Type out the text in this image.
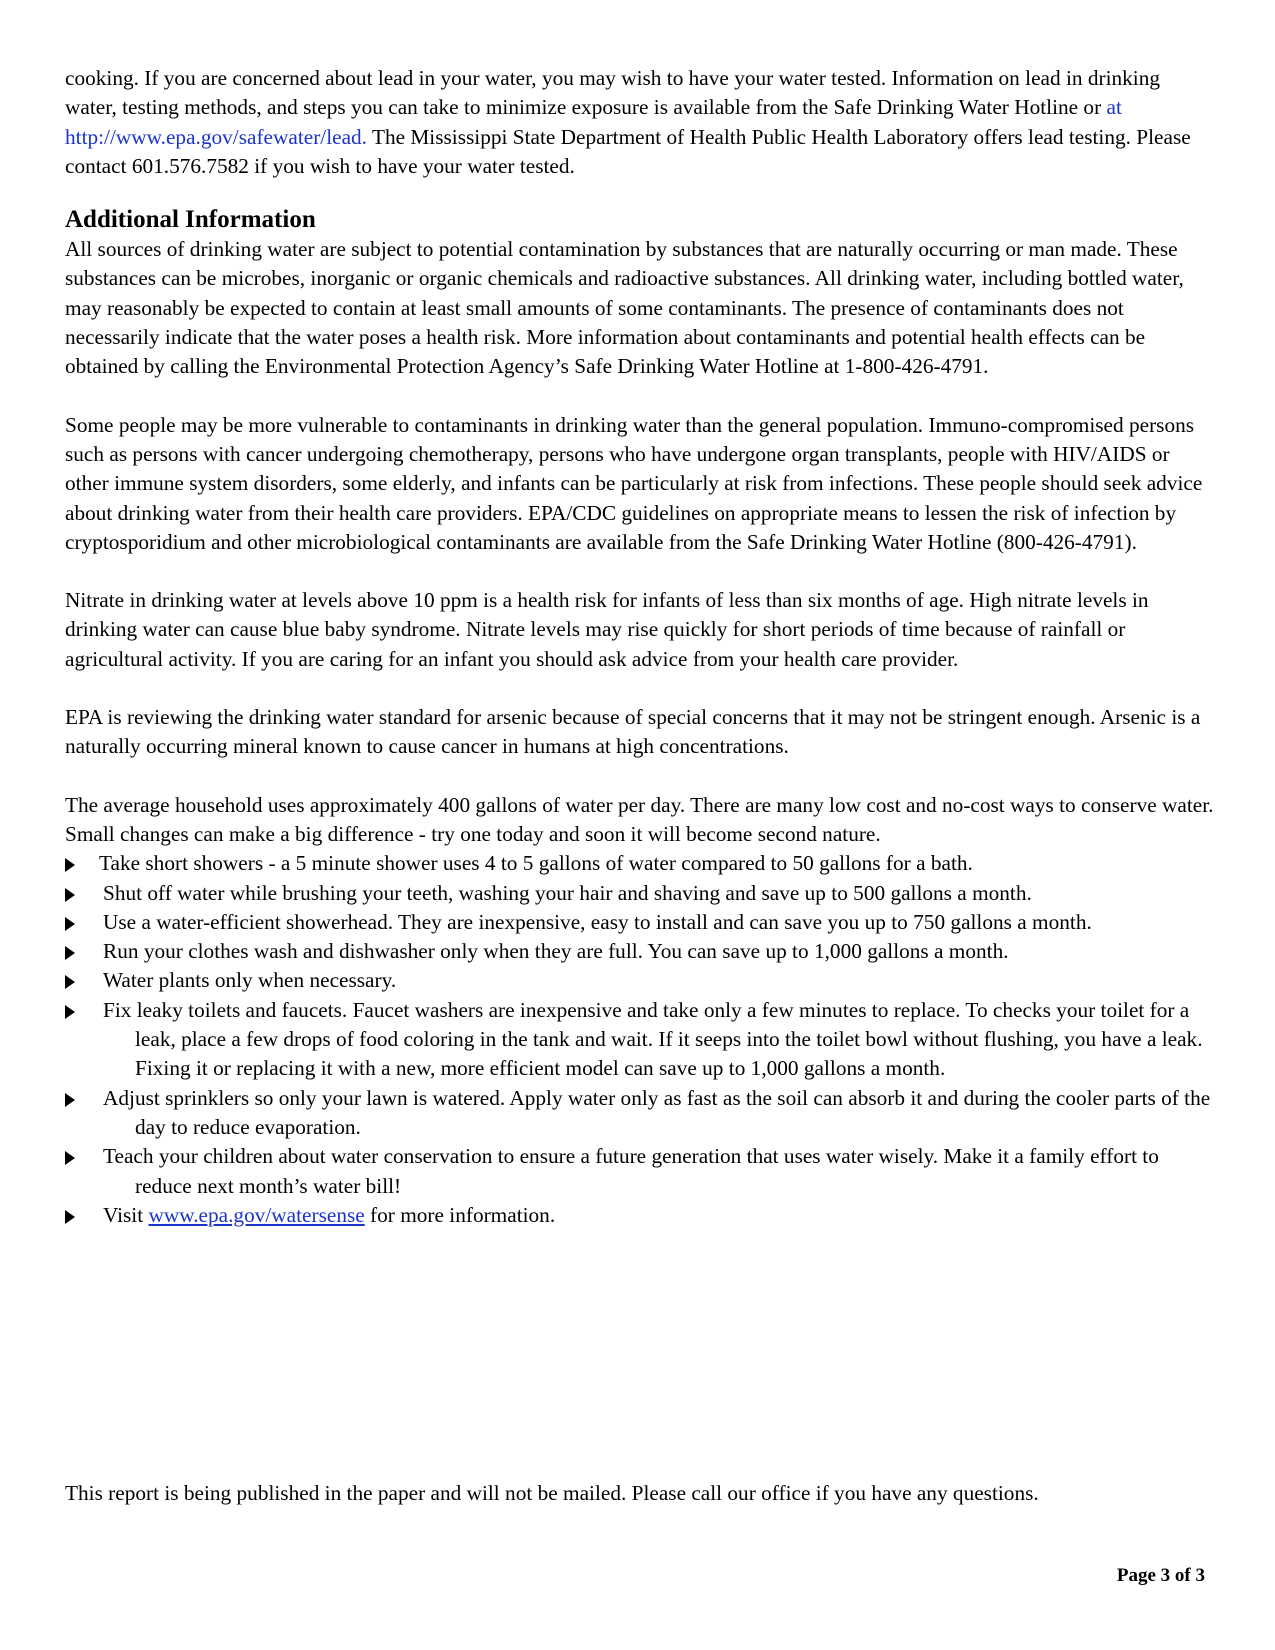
cooking. If you are concerned about lead in your water, you may wish to have your water tested. Information on lead in drinking water, testing methods, and steps you can take to minimize exposure is available from the Safe Drinking Water Hotline or at http://www.epa.gov/safewater/lead. The Mississippi State Department of Health Public Health Laboratory offers lead testing. Please contact 601.576.7582 if you wish to have your water tested.

Additional Information

All sources of drinking water are subject to potential contamination by substances that are naturally occurring or man made. These substances can be microbes, inorganic or organic chemicals and radioactive substances. All drinking water, including bottled water, may reasonably be expected to contain at least small amounts of some contaminants. The presence of contaminants does not necessarily indicate that the water poses a health risk. More information about contaminants and potential health effects can be obtained by calling the Environmental Protection Agency’s Safe Drinking Water Hotline at 1-800-426-4791.

Some people may be more vulnerable to contaminants in drinking water than the general population. Immuno-compromised persons such as persons with cancer undergoing chemotherapy, persons who have undergone organ transplants, people with HIV/AIDS or other immune system disorders, some elderly, and infants can be particularly at risk from infections. These people should seek advice about drinking water from their health care providers. EPA/CDC guidelines on appropriate means to lessen the risk of infection by cryptosporidium and other microbiological contaminants are available from the Safe Drinking Water Hotline (800-426-4791).

Nitrate in drinking water at levels above 10 ppm is a health risk for infants of less than six months of age. High nitrate levels in drinking water can cause blue baby syndrome. Nitrate levels may rise quickly for short periods of time because of rainfall or agricultural activity. If you are caring for an infant you should ask advice from your health care provider.

EPA is reviewing the drinking water standard for arsenic because of special concerns that it may not be stringent enough. Arsenic is a naturally occurring mineral known to cause cancer in humans at high concentrations.

The average household uses approximately 400 gallons of water per day. There are many low cost and no-cost ways to conserve water. Small changes can make a big difference - try one today and soon it will become second nature.

Take short showers - a 5 minute shower uses 4 to 5 gallons of water compared to 50 gallons for a bath.
Shut off water while brushing your teeth, washing your hair and shaving and save up to 500 gallons a month.
Use a water-efficient showerhead. They are inexpensive, easy to install and can save you up to 750 gallons a month.
Run your clothes wash and dishwasher only when they are full. You can save up to 1,000 gallons a month.
Water plants only when necessary.
Fix leaky toilets and faucets. Faucet washers are inexpensive and take only a few minutes to replace. To checks your toilet for a leak, place a few drops of food coloring in the tank and wait. If it seeps into the toilet bowl without flushing, you have a leak. Fixing it or replacing it with a new, more efficient model can save up to 1,000 gallons a month.
Adjust sprinklers so only your lawn is watered. Apply water only as fast as the soil can absorb it and during the cooler parts of the day to reduce evaporation.
Teach your children about water conservation to ensure a future generation that uses water wisely. Make it a family effort to reduce next month’s water bill!
Visit www.epa.gov/watersense for more information.

This report is being published in the paper and will not be mailed. Please call our office if you have any questions.

Page 3 of 3
